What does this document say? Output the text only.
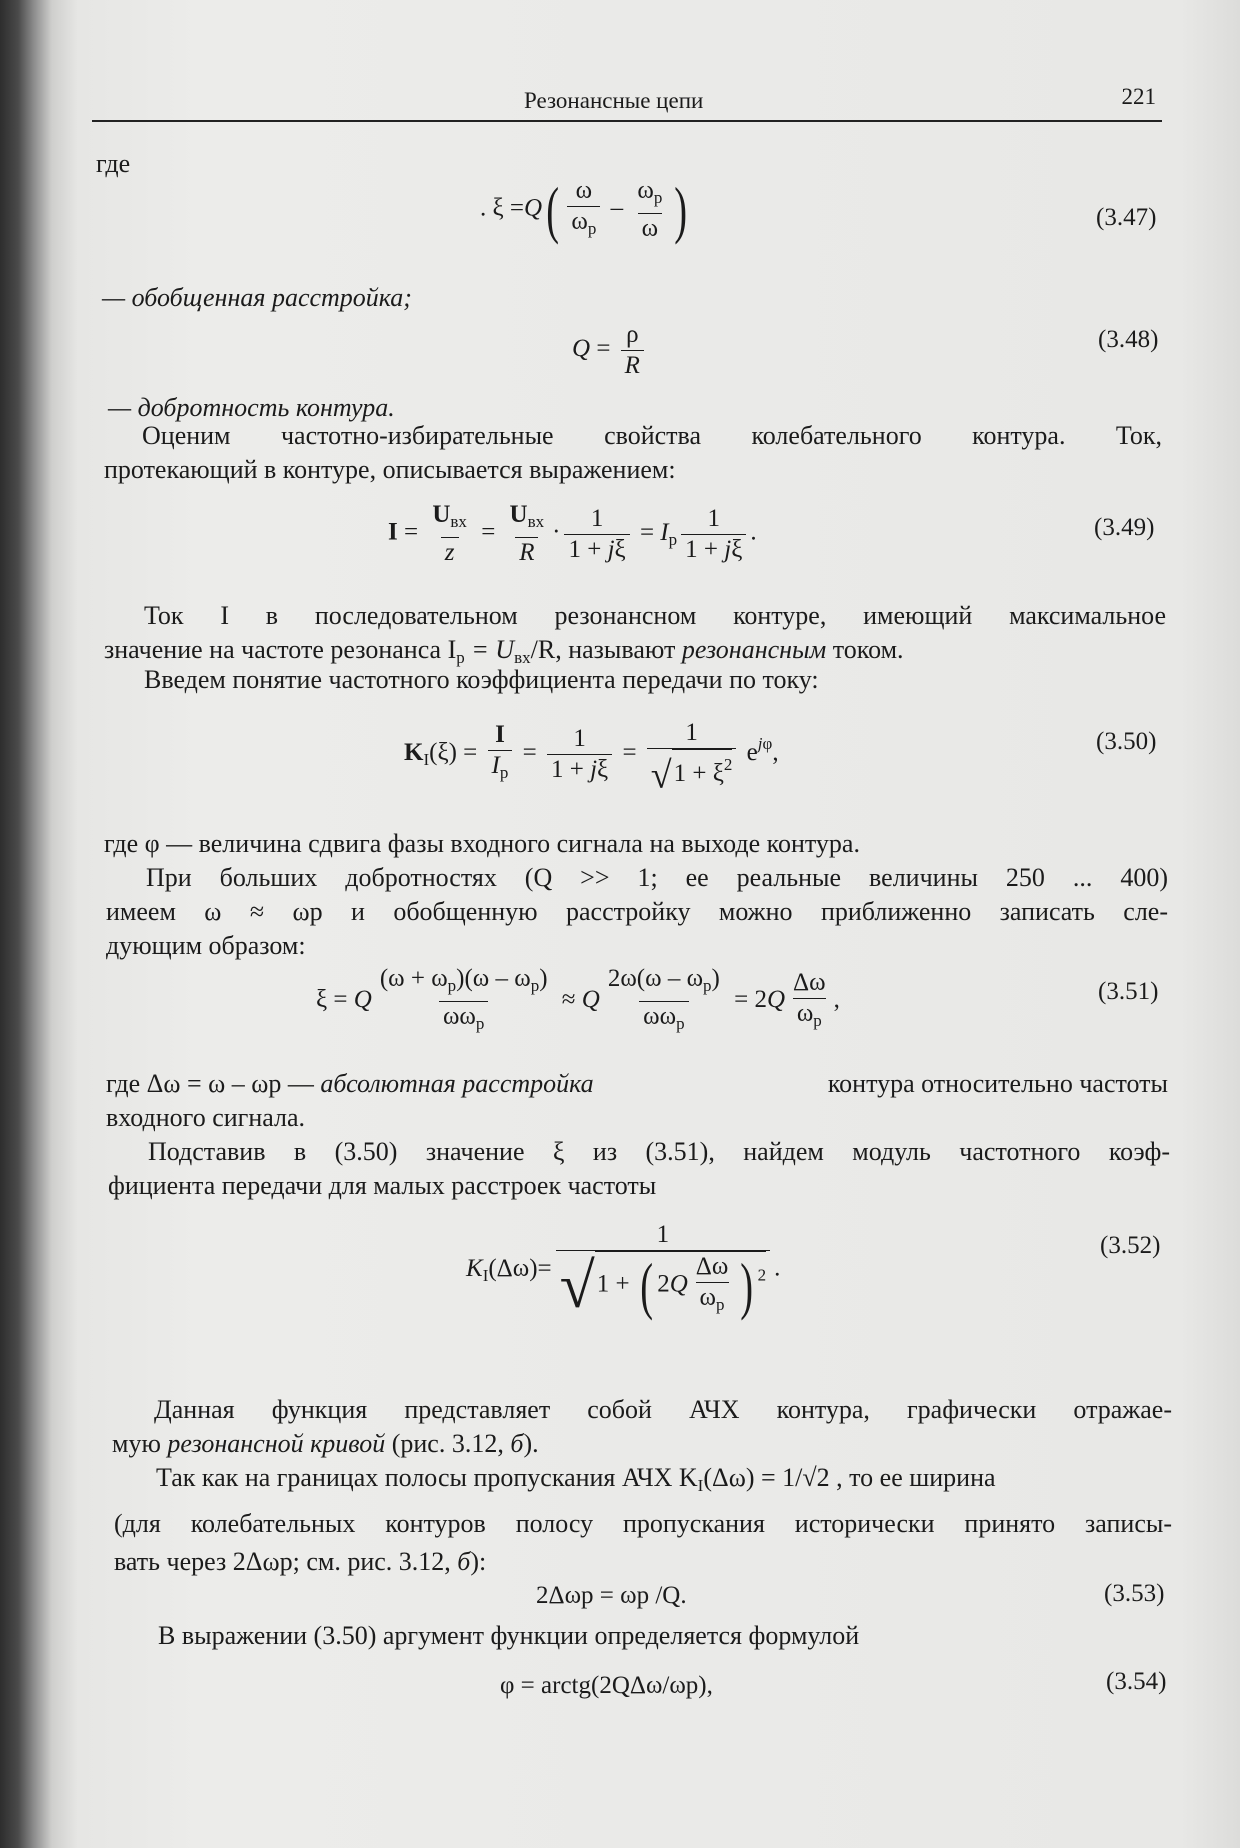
Резонансные цепи	221
где
. $\xi =Q( \frac{\omega}{\omega_р} - \frac{\omega_р}{\omega}$ )	(3.47)
— обобщенная расстройка;
$Q = \frac{\rho}{R}$	(3.48)
— добротность контура.
Оценим частотно-избирательные свойства колебательного контура. Ток,
протекающий в контуре, описывается выражением:
$I = \frac{U_{вх}}{z} = \frac{U_{вх}}{R} \cdot \frac{1}{1 + j\xi} = I_р \frac{1}{1 + j\xi}$ .	(3.49)
Ток I в последовательном резонансном контуре, имеющий максимальное
значение на частоте резонанса $I_р = U_{вх}/R$, называют резонансным током.
Введем понятие частотного коэффициента передачи по току:
$K_I(\xi) = \frac{I}{I_р} = \frac{1}{1 + j\xi} = \frac{1}{√1 + \xi^2} e^{j\varphi}$,	(3.50)
где φ — величина сдвига фазы входного сигнала на выходе контура.
При больших добротностях (Q >> 1; ее реальные величины 250 ... 400)
имеем ω ≈ ωр и обобщенную расстройку можно приближенно записать сле-
дующим образом:
ξ = Q $\frac{(\omega + \omega_р)(\omega - \omega_р)}{\omega\omega_р} \approx Q \frac{2\omega(\omega - \omega_р)}{\omega\omega_р} = 2Q \frac{\Delta\omega}{\omega_р}$ ,	(3.51)
где Δω = ω – ωр — абсолютная расстройка	контура относительно частоты
входного сигнала.
Подставив в (3.50) значение ξ из (3.51), найдем модуль частотного коэф-
фициента передачи для малых расстроек частоты
$K_I(\Delta\omega)= \frac{1}{√1 + ( 2Q \frac{\Delta\omega}{\omega_р} ) ^2}$ .
(3.52)
Данная функция представляет собой АЧХ контура, графически отражае-
мую резонансной кривой (рис. 3.12, б).
Так как на границах полосы пропускания АЧХ K $_I$(Δω) = 1/√2 , то ее ширина
(для колебательных контуров полосу пропускания исторически принято записы-
вать через 2Δωр; см. рис. 3.12, б):
2Δωр = ωр /Q.	(3.53)
В выражении (3.50) аргумент функции определяется формулой
φ = arctg(2QΔω/ωр),	(3.54)
